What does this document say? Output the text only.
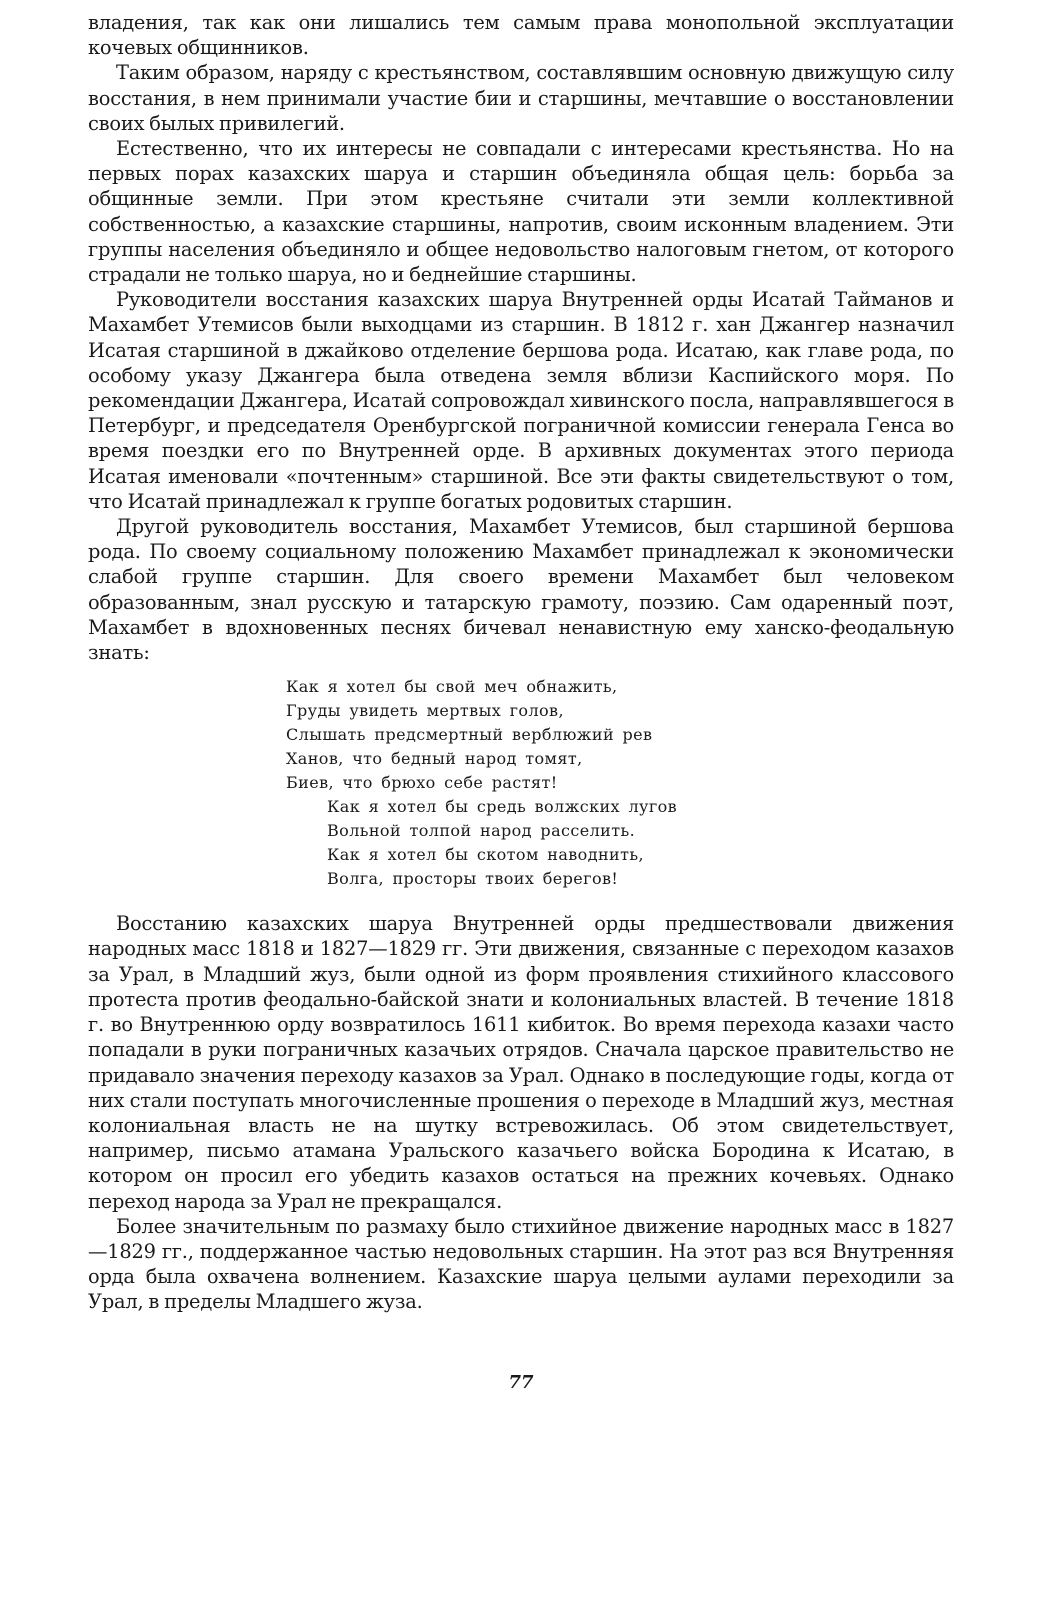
владения, так как они лишались тем самым права монопольной эксплуатации кочевых общинников.

Таким образом, наряду с крестьянством, составлявшим основную движущую силу восстания, в нем принимали участие бии и старшины, мечтавшие о восстановлении своих былых привилегий.

Естественно, что их интересы не совпадали с интересами крестьянства. Но на первых порах казахских шаруа и старшин объединяла общая цель: борьба за общинные земли. При этом крестьяне считали эти земли коллективной собственностью, а казахские старшины, напротив, своим исконным владением. Эти группы населения объединяло и общее недовольство налоговым гнетом, от которого страдали не только шаруа, но и беднейшие старшины.

Руководители восстания казахских шаруа Внутренней орды Исатай Тайманов и Махамбет Утемисов были выходцами из старшин. В 1812 г. хан Джангер назначил Исатая старшиной в джайково отделение бершова рода. Исатаю, как главе рода, по особому указу Джангера была отведена земля вблизи Каспийского моря. По рекомендации Джангера, Исатай сопровождал хивинского посла, направлявшегося в Петербург, и председателя Оренбургской пограничной комиссии генерала Генса во время поездки его по Внутренней орде. В архивных документах этого периода Исатая именовали «почтенным» старшиной. Все эти факты свидетельствуют о том, что Исатай принадлежал к группе богатых родовитых старшин.

Другой руководитель восстания, Махамбет Утемисов, был старшиной бершова рода. По своему социальному положению Махамбет принадлежал к экономически слабой группе старшин. Для своего времени Махамбет был человеком образованным, знал русскую и татарскую грамоту, поэзию. Сам одаренный поэт, Махамбет в вдохновенных песнях бичевал ненавистную ему ханско-феодальную знать:

Как я хотел бы свой меч обнажить,
Груды увидеть мертвых голов,
Слышать предсмертный верблюжий рев
Ханов, что бедный народ томят,
Биев, что брюхо себе растят!
Как я хотел бы средь волжских лугов
Вольной толпой народ расселить.
Как я хотел бы скотом наводнить,
Волга, просторы твоих берегов!

Восстанию казахских шаруа Внутренней орды предшествовали движения народных масс 1818 и 1827—1829 гг. Эти движения, связанные с переходом казахов за Урал, в Младший жуз, были одной из форм проявления стихийного классового протеста против феодально-байской знати и колониальных властей. В течение 1818 г. во Внутреннюю орду возвратилось 1611 кибиток. Во время перехода казахи часто попадали в руки пограничных казачьих отрядов. Сначала царское правительство не придавало значения переходу казахов за Урал. Однако в последующие годы, когда от них стали поступать многочисленные прошения о переходе в Младший жуз, местная колониальная власть не на шутку встревожилась. Об этом свидетельствует, например, письмо атамана Уральского казачьего войска Бородина к Исатаю, в котором он просил его убедить казахов остаться на прежних кочевьях. Однако переход народа за Урал не прекращался.

Более значительным по размаху было стихийное движение народных масс в 1827—1829 гг., поддержанное частью недовольных старшин. На этот раз вся Внутренняя орда была охвачена волнением. Казахские шаруа целыми аулами переходили за Урал, в пределы Младшего жуза.

77
